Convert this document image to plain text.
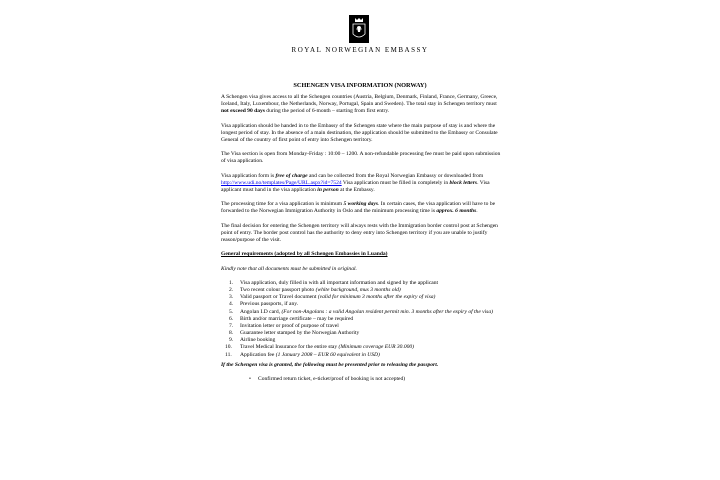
ROYAL NORWEGIAN EMBASSY
SCHENGEN VISA INFORMATION (NORWAY)

A Schengen visa gives access to all the Schengen countries (Austria, Belgium, Denmark, Finland, France, Germany, Greece, Iceland, Italy, Luxembour, the Netherlands, Norway, Portugal, Spain and Sweden). The total stay in Schengen territory must not exceed 90 days during the period of 6-month – starting from first entry.

Visa application should be handed in to the Embassy of the Schengen state where the main purpose of stay is and where the longest period of stay. In the absence of a main destination, the application should be submitted to the Embassy or Consulate General of the country of first point of entry into Schengen territory.

The Visa section is open from Monday-Friday : 10:00 – 1200. A non-refundable processing fee must be paid upon submission of visa application.

Visa application form is free of charge and can be collected from the Royal Norwegian Embassy or downloaded from http://www.udi.no/templates/Page/URL.aspx?id=7524 Visa application must be filled in completely in block letters. Visa applicant must hand in the visa application in person at the Embassy.

The processing time for a visa application is minimum 5 working days. In certain cases, the visa application will have to be forwarded to the Norwegian Immigration Authority in Oslo and the minimum processing time is approx. 6 months.

The final decision for entering the Schengen territory will always rests with the Immigration border control post at Schengen point of entry. The border post control has the authority to deny entry into Schengen territory if you are unable to justify reason/purpose of the visit.

General requirements (adopted by all Schengen Embassies in Luanda)
Kindly note that all documents must be submitted in original.
1. Visa application, duly filled in with all important information and signed by the applicant
2. Two recent colour passport photo (white background, mus 3 months old)
3. Valid passport or Travel document (valid for minimum 3 months after the expiry of visa)
4. Previous passports, if any.
5. Angolan I.D card, (For non-Angolans : a valid Angolan resident permit min. 3 months after the expiry of the visa)
6. Birth and/or marriage certificate – may be required
7. Invitation letter or proof of purpose of travel
8. Guarantee letter stamped by the Norwegian Authority
9. Airline booking
10. Travel Medical Insurance for the entire stay (Minimum coverage EUR 30.000)
11. Application fee (1 January 2008 – EUR 60 equivalent in USD)

If the Schengen visa is granted, the following must be presented prior to releasing the passport.

• Confirmed return ticket, e-ticket/proof of booking is not accepted)
